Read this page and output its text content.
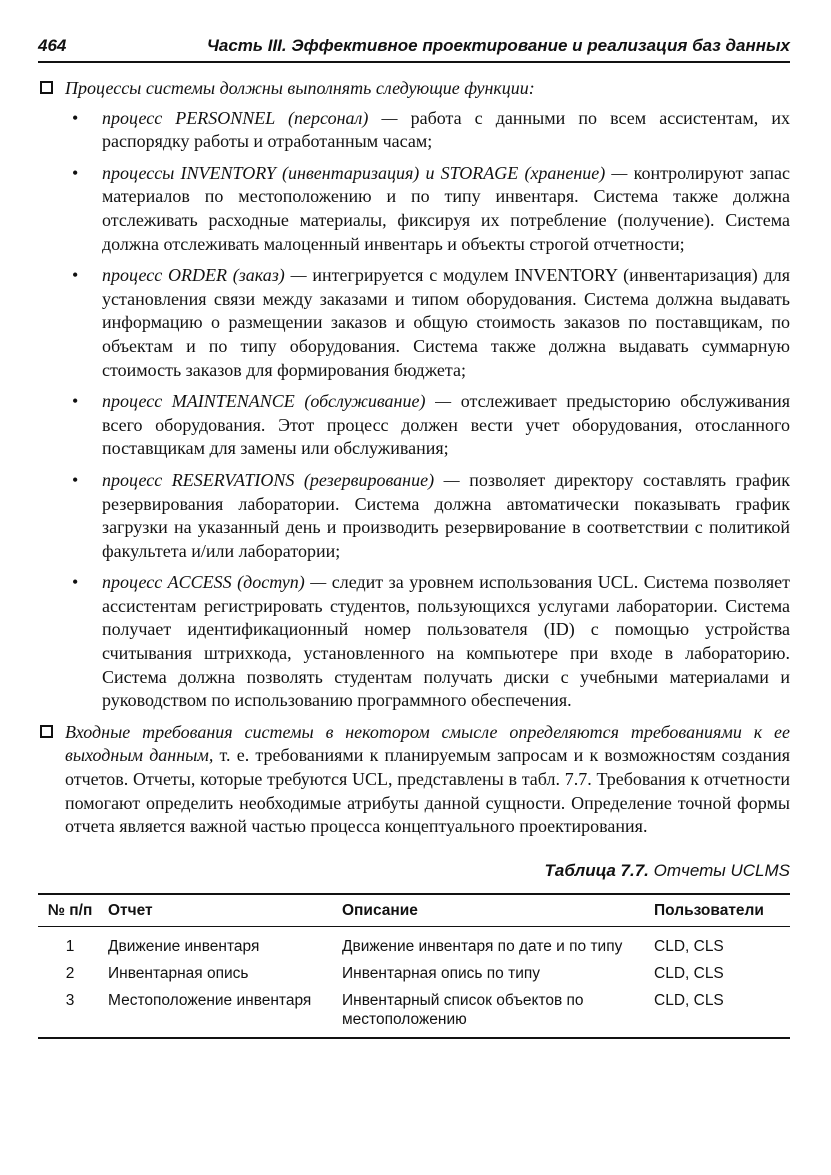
464	Часть III. Эффективное проектирование и реализация баз данных
Процессы системы должны выполнять следующие функции:
• процесс PERSONNEL (персонал) — работа с данными по всем ассистентам, их распорядку работы и отработанным часам;
• процессы INVENTORY (инвентаризация) и STORAGE (хранение) — контролируют запас материалов по местоположению и по типу инвентаря. Система также должна отслеживать расходные материалы, фиксируя их потребление (получение). Система должна отслеживать малоценный инвентарь и объекты строгой отчетности;
• процесс ORDER (заказ) — интегрируется с модулем INVENTORY (инвентаризация) для установления связи между заказами и типом оборудования. Система должна выдавать информацию о размещении заказов и общую стоимость заказов по поставщикам, по объектам и по типу оборудования. Система также должна выдавать суммарную стоимость заказов для формирования бюджета;
• процесс MAINTENANCE (обслуживание) — отслеживает предысторию обслуживания всего оборудования. Этот процесс должен вести учет оборудования, отосланного поставщикам для замены или обслуживания;
• процесс RESERVATIONS (резервирование) — позволяет директору составлять график резервирования лаборатории. Система должна автоматически показывать график загрузки на указанный день и производить резервирование в соответствии с политикой факультета и/или лаборатории;
• процесс ACCESS (доступ) — следит за уровнем использования UCL. Система позволяет ассистентам регистрировать студентов, пользующихся услугами лаборатории. Система получает идентификационный номер пользователя (ID) с помощью устройства считывания штрихкода, установленного на компьютере при входе в лабораторию. Система должна позволять студентам получать диски с учебными материалами и руководством по использованию программного обеспечения.
Входные требования системы в некотором смысле определяются требованиями к ее выходным данным, т. е. требованиями к планируемым запросам и к возможностям создания отчетов. Отчеты, которые требуются UCL, представлены в табл. 7.7. Требования к отчетности помогают определить необходимые атрибуты данной сущности. Определение точной формы отчета является важной частью процесса концептуального проектирования.
Таблица 7.7. Отчеты UCLMS
№ п/п	Отчет	Описание	Пользователи
1	Движение инвентаря	Движение инвентаря по дате и по типу	CLD, CLS
2	Инвентарная опись	Инвентарная опись по типу	CLD, CLS
3	Местоположение инвентаря	Инвентарный список объектов по местоположению	CLD, CLS
